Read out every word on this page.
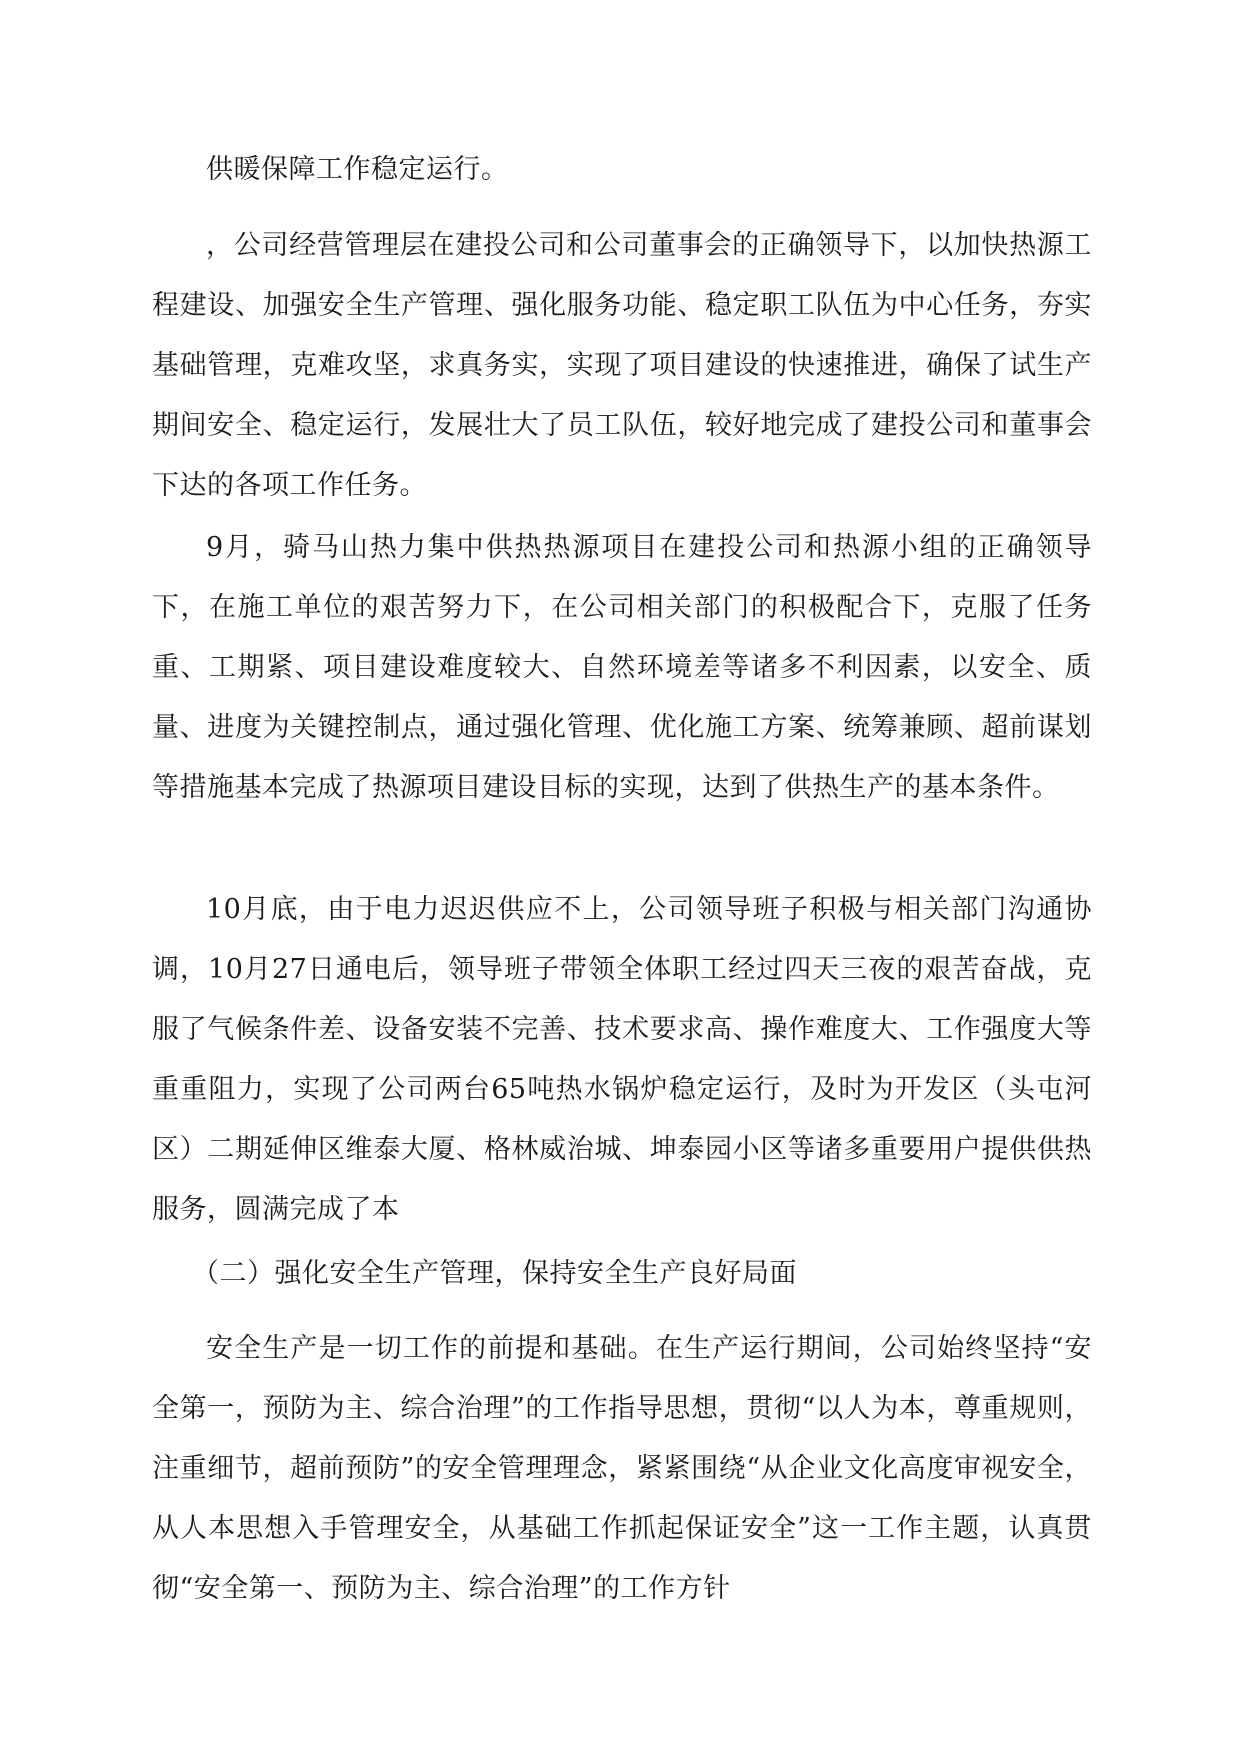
供暖保障工作稳定运行。

，公司经营管理层在建投公司和公司董事会的正确领导下，以加快热源工程建设、加强安全生产管理、强化服务功能、稳定职工队伍为中心任务，夯实基础管理，克难攻坚，求真务实，实现了项目建设的快速推进，确保了试生产期间安全、稳定运行，发展壮大了员工队伍，较好地完成了建投公司和董事会下达的各项工作任务。

9月，骑马山热力集中供热热源项目在建投公司和热源小组的正确领导下，在施工单位的艰苦努力下，在公司相关部门的积极配合下，克服了任务重、工期紧、项目建设难度较大、自然环境差等诸多不利因素，以安全、质量、进度为关键控制点，通过强化管理、优化施工方案、统筹兼顾、超前谋划等措施基本完成了热源项目建设目标的实现，达到了供热生产的基本条件。

10月底，由于电力迟迟供应不上，公司领导班子积极与相关部门沟通协调，10月27日通电后，领导班子带领全体职工经过四天三夜的艰苦奋战，克服了气候条件差、设备安装不完善、技术要求高、操作难度大、工作强度大等重重阻力，实现了公司两台65吨热水锅炉稳定运行，及时为开发区（头屯河区）二期延伸区维泰大厦、格林威治城、坤泰园小区等诸多重要用户提供供热服务，圆满完成了本

（二）强化安全生产管理，保持安全生产良好局面

安全生产是一切工作的前提和基础。在生产运行期间，公司始终坚持“安全第一，预防为主、综合治理”的工作指导思想，贯彻“以人为本，尊重规则，注重细节，超前预防”的安全管理理念，紧紧围绕“从企业文化高度审视安全，从人本思想入手管理安全，从基础工作抓起保证安全”这一工作主题，认真贯彻“安全第一、预防为主、综合治理”的工作方针
